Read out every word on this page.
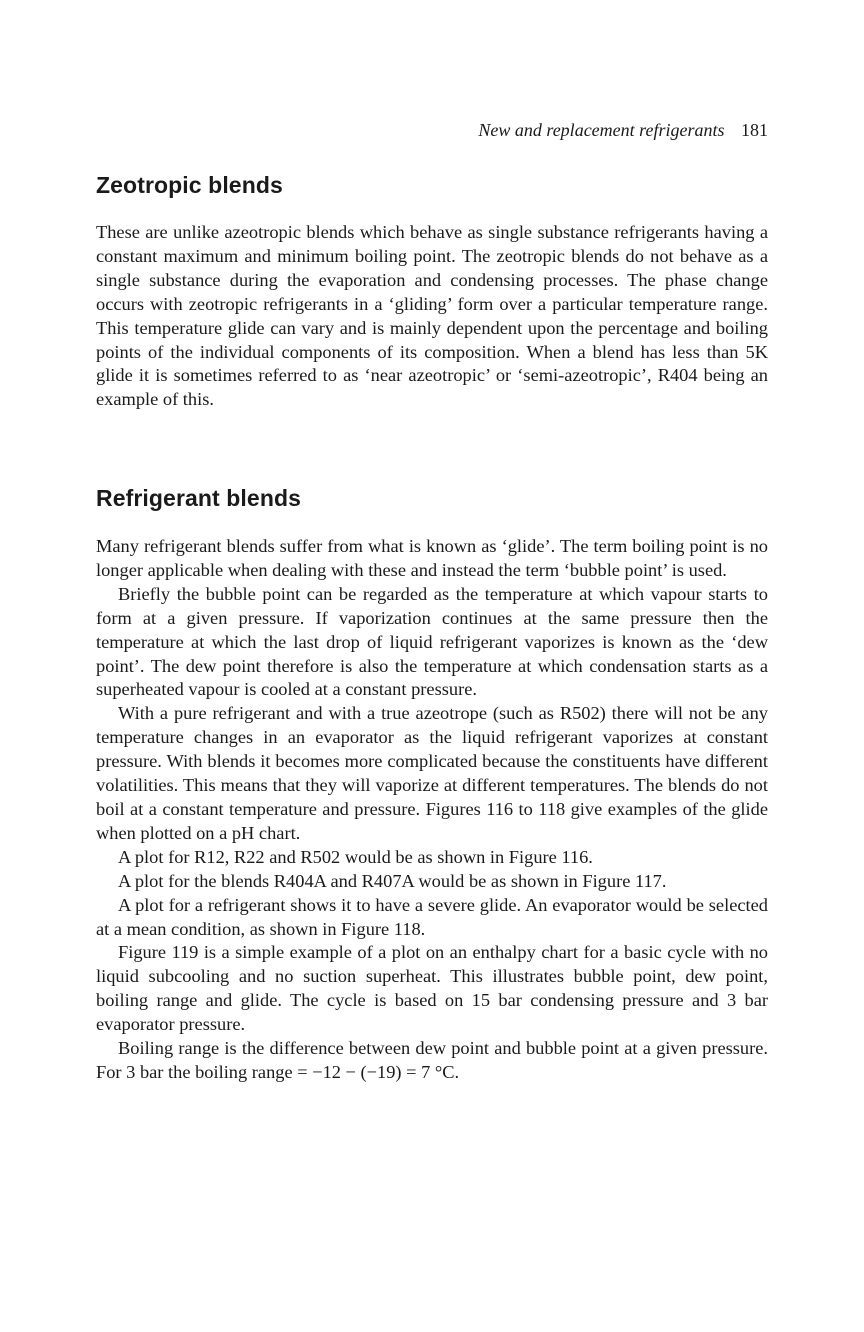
New and replacement refrigerants 181
Zeotropic blends

These are unlike azeotropic blends which behave as single substance refrigerants having a constant maximum and minimum boiling point. The zeotropic blends do not behave as a single substance during the evaporation and condensing processes. The phase change occurs with zeotropic refrigerants in a ‘gliding’ form over a particular temperature range. This temperature glide can vary and is mainly dependent upon the percentage and boiling points of the individual components of its composition. When a blend has less than 5K glide it is sometimes referred to as ‘near azeotropic’ or ‘semi-azeotropic’, R404 being an example of this.

Refrigerant blends

Many refrigerant blends suffer from what is known as ‘glide’. The term boiling point is no longer applicable when dealing with these and instead the term ‘bubble point’ is used.

Briefly the bubble point can be regarded as the temperature at which vapour starts to form at a given pressure. If vaporization continues at the same pressure then the temperature at which the last drop of liquid refrigerant vaporizes is known as the ‘dew point’. The dew point therefore is also the temperature at which condensation starts as a superheated vapour is cooled at a constant pressure.

With a pure refrigerant and with a true azeotrope (such as R502) there will not be any temperature changes in an evaporator as the liquid refrigerant vaporizes at constant pressure. With blends it becomes more complicated because the constituents have different volatilities. This means that they will vaporize at different temperatures. The blends do not boil at a constant temperature and pressure. Figures 116 to 118 give examples of the glide when plotted on a pH chart.

A plot for R12, R22 and R502 would be as shown in Figure 116.

A plot for the blends R404A and R407A would be as shown in Figure 117.

A plot for a refrigerant shows it to have a severe glide. An evaporator would be selected at a mean condition, as shown in Figure 118.

Figure 119 is a simple example of a plot on an enthalpy chart for a basic cycle with no liquid subcooling and no suction superheat. This illustrates bubble point, dew point, boiling range and glide. The cycle is based on 15 bar condensing pressure and 3 bar evaporator pressure.

Boiling range is the difference between dew point and bubble point at a given pressure. For 3 bar the boiling range = −12 − (−19) = 7 °C.
